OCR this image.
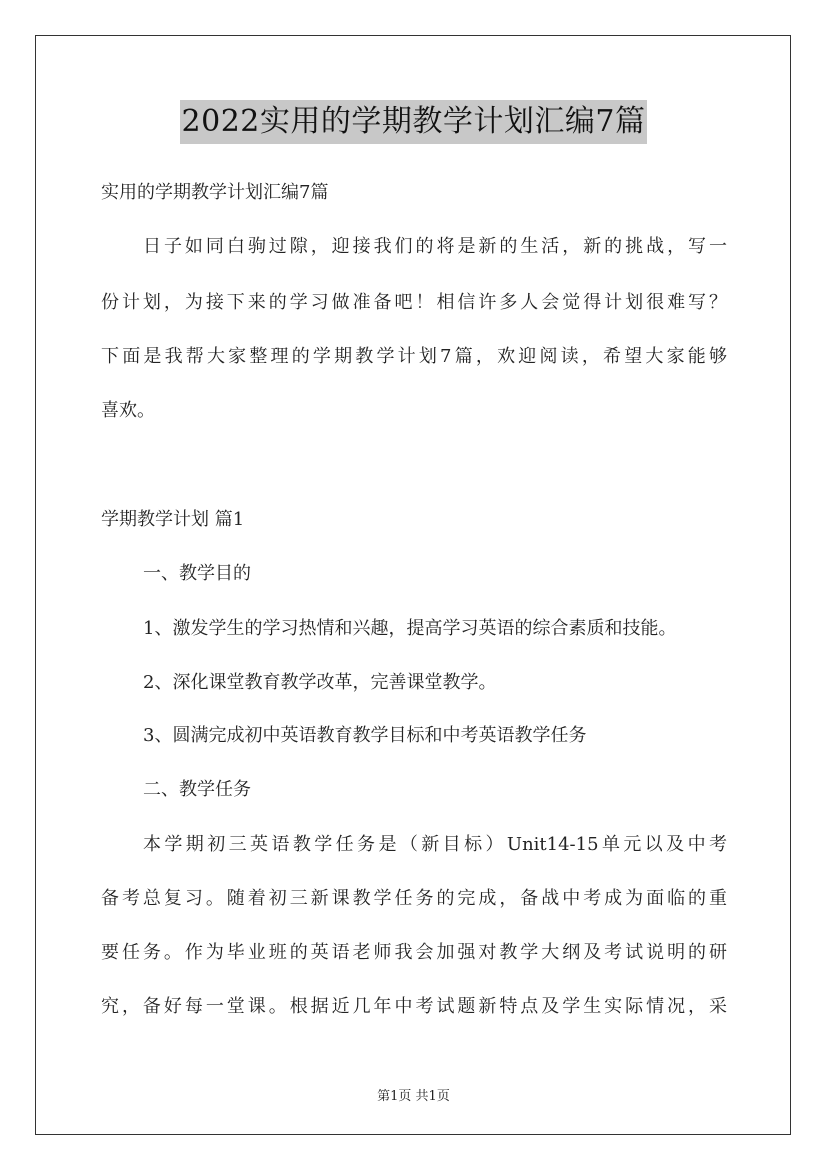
2022实用的学期教学计划汇编7篇
实用的学期教学计划汇编7篇
日子如同白驹过隙，迎接我们的将是新的生活，新的挑战，写一
份计划，为接下来的学习做准备吧！相信许多人会觉得计划很难写？
下面是我帮大家整理的学期教学计划7篇，欢迎阅读，希望大家能够
喜欢。
学期教学计划 篇1
一、教学目的
1、激发学生的学习热情和兴趣，提高学习英语的综合素质和技能。
2、深化课堂教育教学改革，完善课堂教学。
3、圆满完成初中英语教育教学目标和中考英语教学任务
二、教学任务
本学期初三英语教学任务是（新目标）Unit14-15单元以及中考
备考总复习。随着初三新课教学任务的完成，备战中考成为面临的重
要任务。作为毕业班的英语老师我会加强对教学大纲及考试说明的研
究，备好每一堂课。根据近几年中考试题新特点及学生实际情况，采
第1页 共1页
